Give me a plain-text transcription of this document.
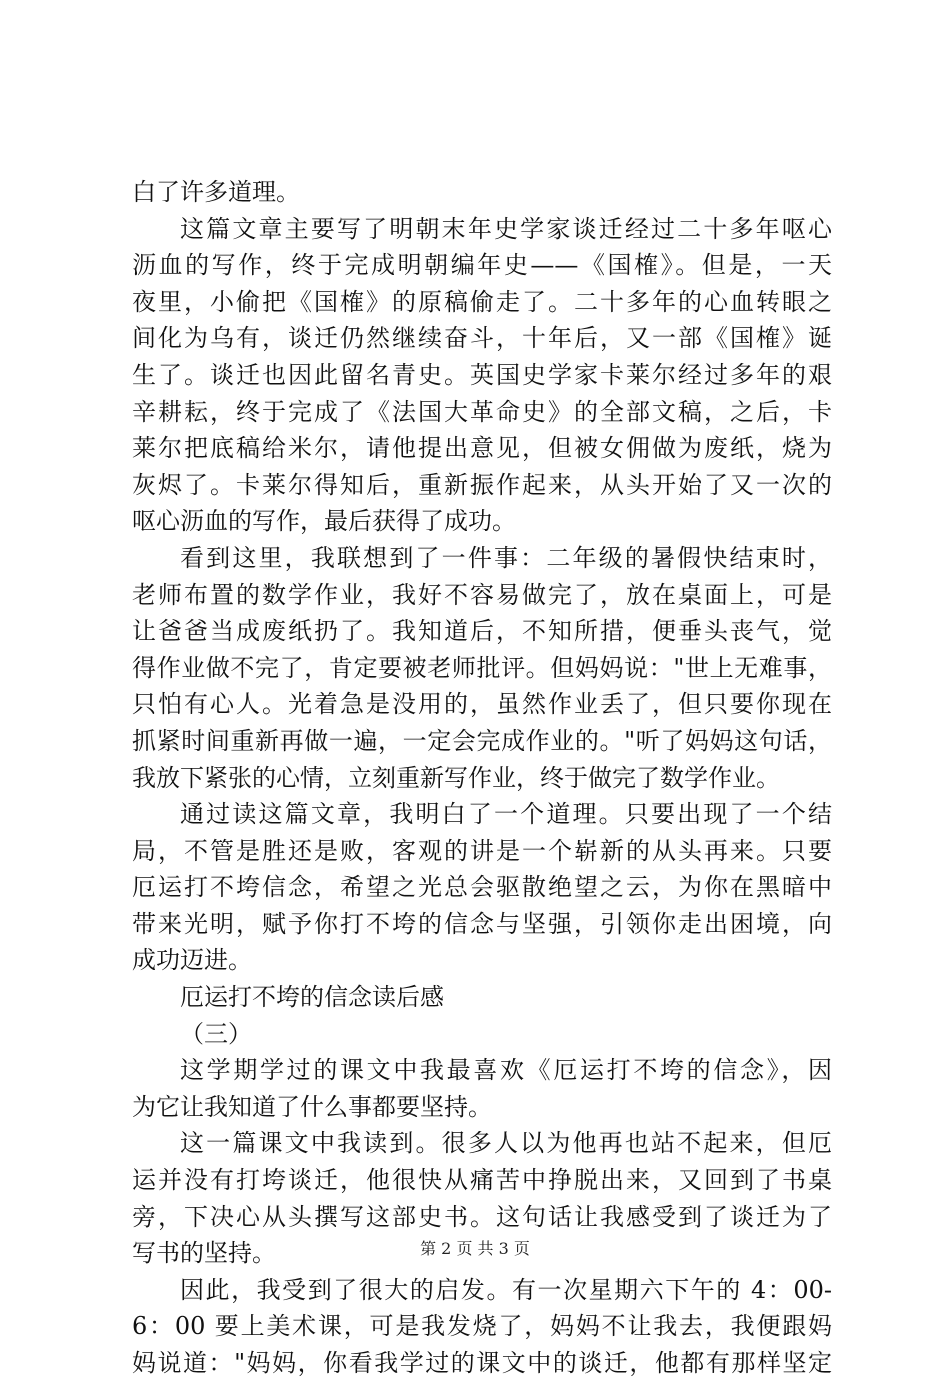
白了许多道理。
这篇文章主要写了明朝末年史学家谈迁经过二十多年呕心
沥血的写作，终于完成明朝编年史——《国榷》。但是，一天
夜里，小偷把《国榷》的原稿偷走了。二十多年的心血转眼之
间化为乌有，谈迁仍然继续奋斗，十年后，又一部《国榷》诞
生了。谈迁也因此留名青史。英国史学家卡莱尔经过多年的艰
辛耕耘，终于完成了《法国大革命史》的全部文稿，之后，卡
莱尔把底稿给米尔，请他提出意见，但被女佣做为废纸，烧为
灰烬了。卡莱尔得知后，重新振作起来，从头开始了又一次的
呕心沥血的写作，最后获得了成功。
看到这里，我联想到了一件事：二年级的暑假快结束时，
老师布置的数学作业，我好不容易做完了，放在桌面上，可是
让爸爸当成废纸扔了。我知道后，不知所措，便垂头丧气，觉
得作业做不完了，肯定要被老师批评。但妈妈说："世上无难事，
只怕有心人。光着急是没用的，虽然作业丢了，但只要你现在
抓紧时间重新再做一遍，一定会完成作业的。"听了妈妈这句话，
我放下紧张的心情，立刻重新写作业，终于做完了数学作业。
通过读这篇文章，我明白了一个道理。只要出现了一个结
局，不管是胜还是败，客观的讲是一个崭新的从头再来。只要
厄运打不垮信念，希望之光总会驱散绝望之云，为你在黑暗中
带来光明，赋予你打不垮的信念与坚强，引领你走出困境，向
成功迈进。
厄运打不垮的信念读后感
（三）
这学期学过的课文中我最喜欢《厄运打不垮的信念》，因
为它让我知道了什么事都要坚持。
这一篇课文中我读到。很多人以为他再也站不起来，但厄
运并没有打垮谈迁，他很快从痛苦中挣脱出来，又回到了书桌
旁，下决心从头撰写这部史书。这句话让我感受到了谈迁为了
写书的坚持。
因此，我受到了很大的启发。有一次星期六下午的 4：00-
6：00 要上美术课，可是我发烧了，妈妈不让我去，我便跟妈
妈说道："妈妈，你看我学过的课文中的谈迁，他都有那样坚定
第 2 页 共 3 页
